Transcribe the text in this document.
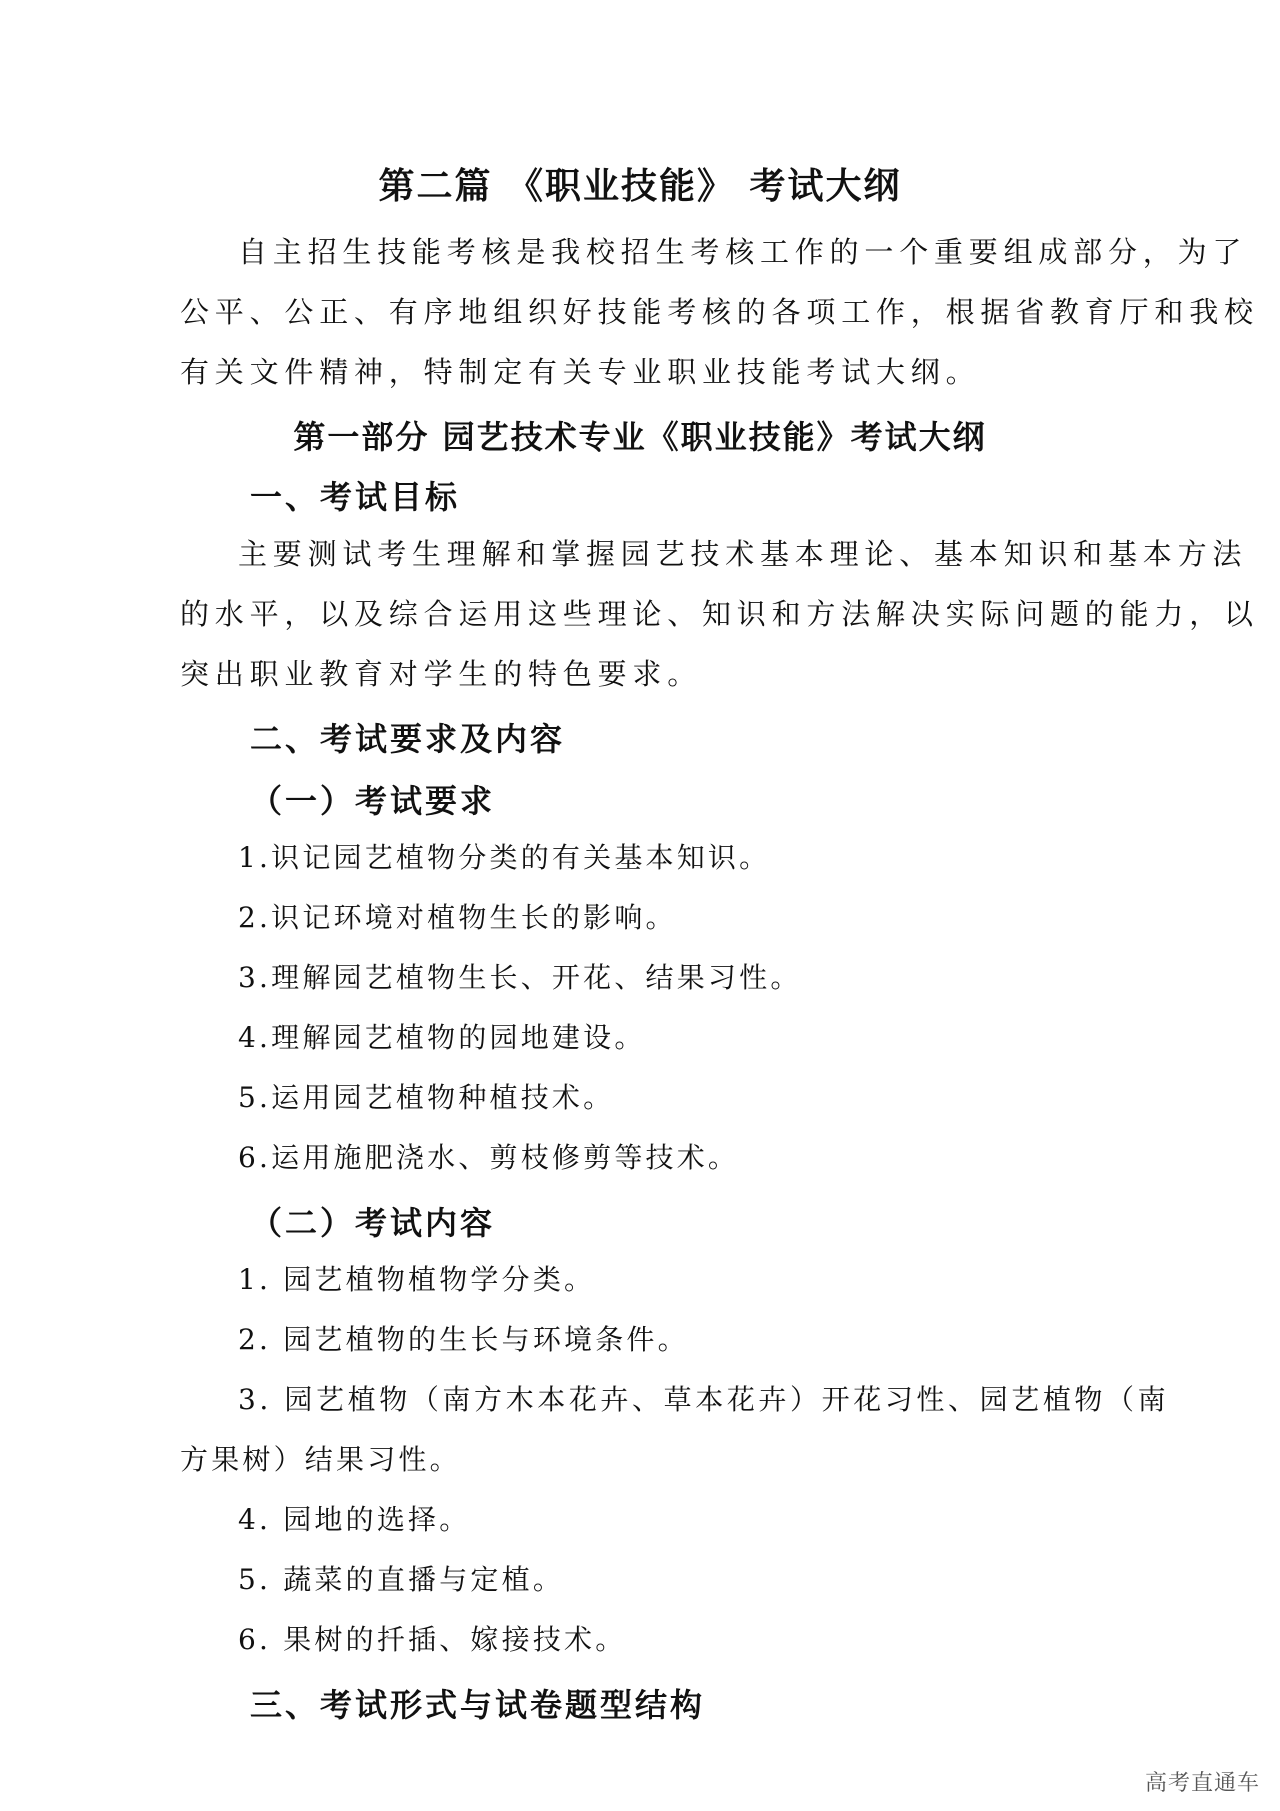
第二篇 《职业技能》 考试大纲
自主招生技能考核是我校招生考核工作的一个重要组成部分，为了
公平、公正、有序地组织好技能考核的各项工作，根据省教育厅和我校
有关文件精神，特制定有关专业职业技能考试大纲。
第一部分 园艺技术专业《职业技能》考试大纲
一、考试目标
主要测试考生理解和掌握园艺技术基本理论、基本知识和基本方法
的水平，以及综合运用这些理论、知识和方法解决实际问题的能力，以
突出职业教育对学生的特色要求。
二、考试要求及内容
（一）考试要求
1.识记园艺植物分类的有关基本知识。
2.识记环境对植物生长的影响。
3.理解园艺植物生长、开花、结果习性。
4.理解园艺植物的园地建设。
5.运用园艺植物种植技术。
6.运用施肥浇水、剪枝修剪等技术。
（二）考试内容
1. 园艺植物植物学分类。
2. 园艺植物的生长与环境条件。
3. 园艺植物（南方木本花卉、草本花卉）开花习性、园艺植物（南
方果树）结果习性。
4. 园地的选择。
5. 蔬菜的直播与定植。
6. 果树的扦插、嫁接技术。
三、考试形式与试卷题型结构
高考直通车
